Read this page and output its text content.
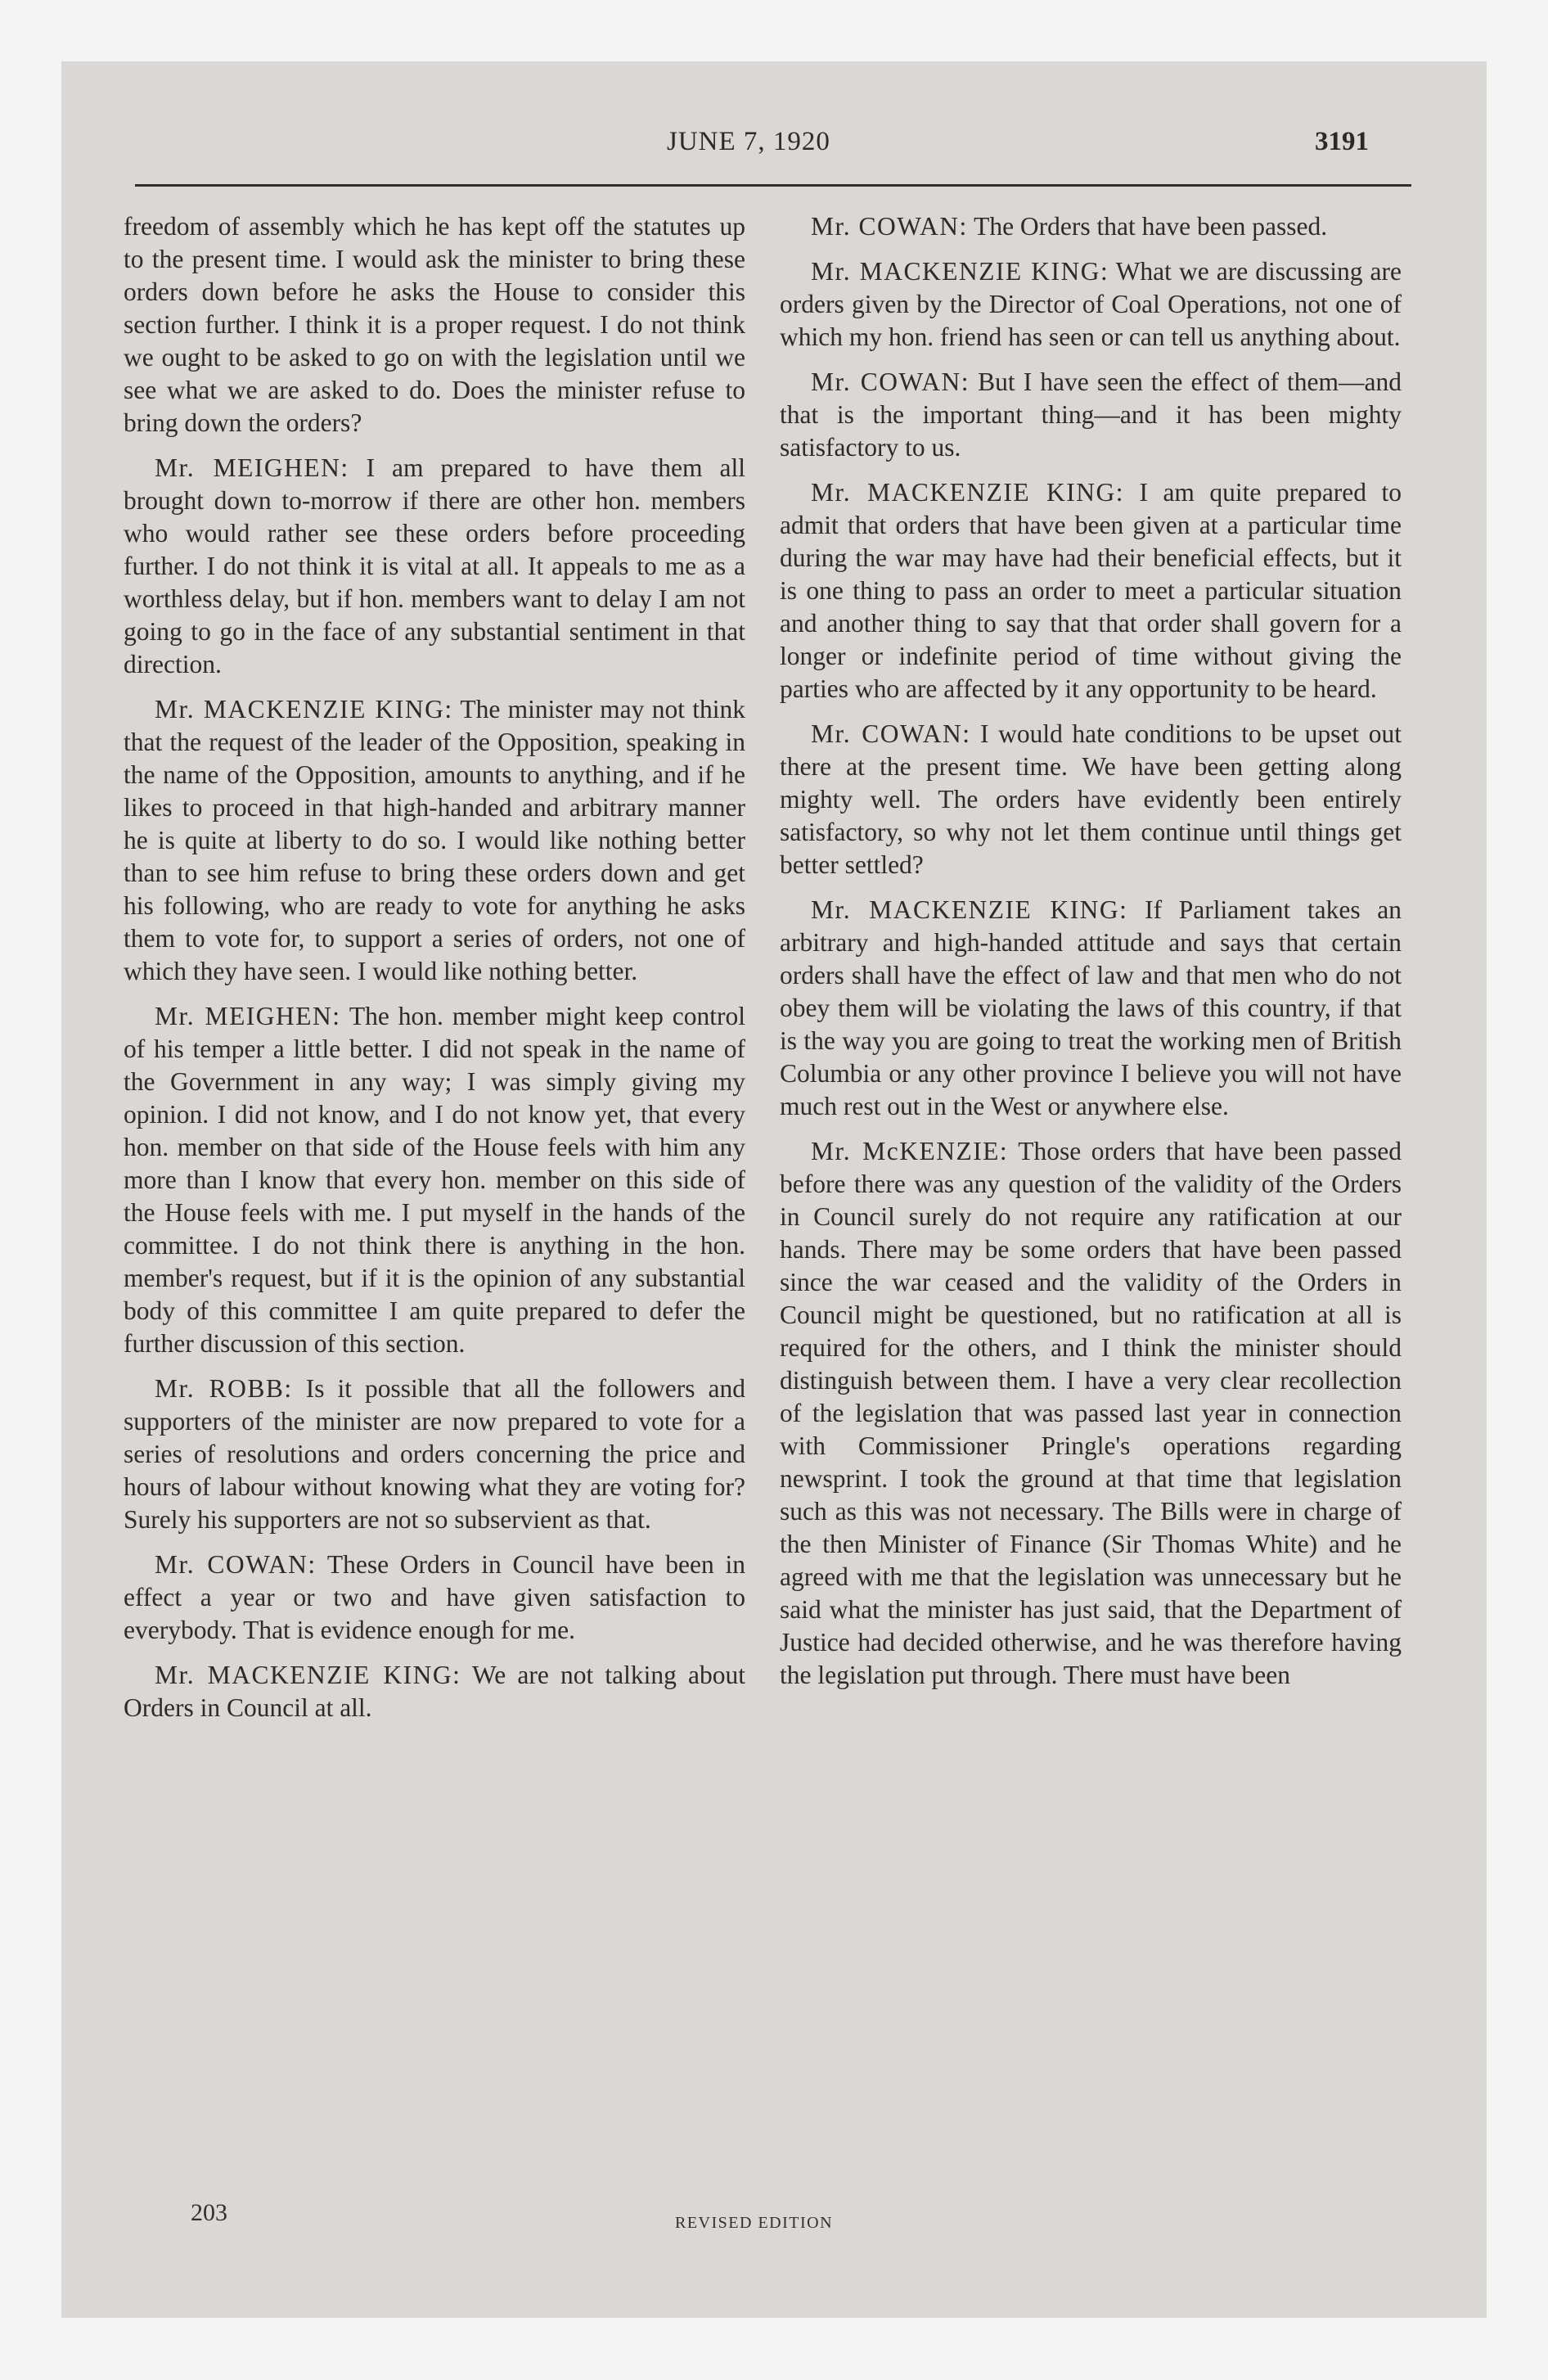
JUNE 7, 1920	3191

freedom of assembly which he has kept off the statutes up to the present time. I would ask the minister to bring these orders down before he asks the House to consider this section further. I think it is a proper request. I do not think we ought to be asked to go on with the legislation until we see what we are asked to do. Does the minister refuse to bring down the orders?

Mr. MEIGHEN: I am prepared to have them all brought down to-morrow if there are other hon. members who would rather see these orders before proceeding further. I do not think it is vital at all. It appeals to me as a worthless delay, but if hon. members want to delay I am not going to go in the face of any substantial sentiment in that direction.

Mr. MACKENZIE KING: The minister may not think that the request of the leader of the Opposition, speaking in the name of the Opposition, amounts to anything, and if he likes to proceed in that high-handed and arbitrary manner he is quite at liberty to do so. I would like nothing better than to see him refuse to bring these orders down and get his following, who are ready to vote for anything he asks them to vote for, to support a series of orders, not one of which they have seen. I would like nothing better.

Mr. MEIGHEN: The hon. member might keep control of his temper a little better. I did not speak in the name of the Government in any way; I was simply giving my opinion. I did not know, and I do not know yet, that every hon. member on that side of the House feels with him any more than I know that every hon. member on this side of the House feels with me. I put myself in the hands of the committee. I do not think there is anything in the hon. member's request, but if it is the opinion of any substantial body of this committee I am quite prepared to defer the further discussion of this section.

Mr. ROBB: Is it possible that all the followers and supporters of the minister are now prepared to vote for a series of resolutions and orders concerning the price and hours of labour without knowing what they are voting for? Surely his supporters are not so subservient as that.

Mr. COWAN: These Orders in Council have been in effect a year or two and have given satisfaction to everybody. That is evidence enough for me.

Mr. MACKENZIE KING: We are not talking about Orders in Council at all.

Mr. COWAN: The Orders that have been passed.

Mr. MACKENZIE KING: What we are discussing are orders given by the Director of Coal Operations, not one of which my hon. friend has seen or can tell us anything about.

Mr. COWAN: But I have seen the effect of them—and that is the important thing—and it has been mighty satisfactory to us.

Mr. MACKENZIE KING: I am quite prepared to admit that orders that have been given at a particular time during the war may have had their beneficial effects, but it is one thing to pass an order to meet a particular situation and another thing to say that that order shall govern for a longer or indefinite period of time without giving the parties who are affected by it any opportunity to be heard.

Mr. COWAN: I would hate conditions to be upset out there at the present time. We have been getting along mighty well. The orders have evidently been entirely satisfactory, so why not let them continue until things get better settled?

Mr. MACKENZIE KING: If Parliament takes an arbitrary and high-handed attitude and says that certain orders shall have the effect of law and that men who do not obey them will be violating the laws of this country, if that is the way you are going to treat the working men of British Columbia or any other province I believe you will not have much rest out in the West or anywhere else.

Mr. McKENZIE: Those orders that have been passed before there was any question of the validity of the Orders in Council surely do not require any ratification at our hands. There may be some orders that have been passed since the war ceased and the validity of the Orders in Council might be questioned, but no ratification at all is required for the others, and I think the minister should distinguish between them. I have a very clear recollection of the legislation that was passed last year in connection with Commissioner Pringle's operations regarding newsprint. I took the ground at that time that legislation such as this was not necessary. The Bills were in charge of the then Minister of Finance (Sir Thomas White) and he agreed with me that the legislation was unnecessary but he said what the minister has just said, that the Department of Justice had decided otherwise, and he was therefore having the legislation put through. There must have been

203	REVISED EDITION
